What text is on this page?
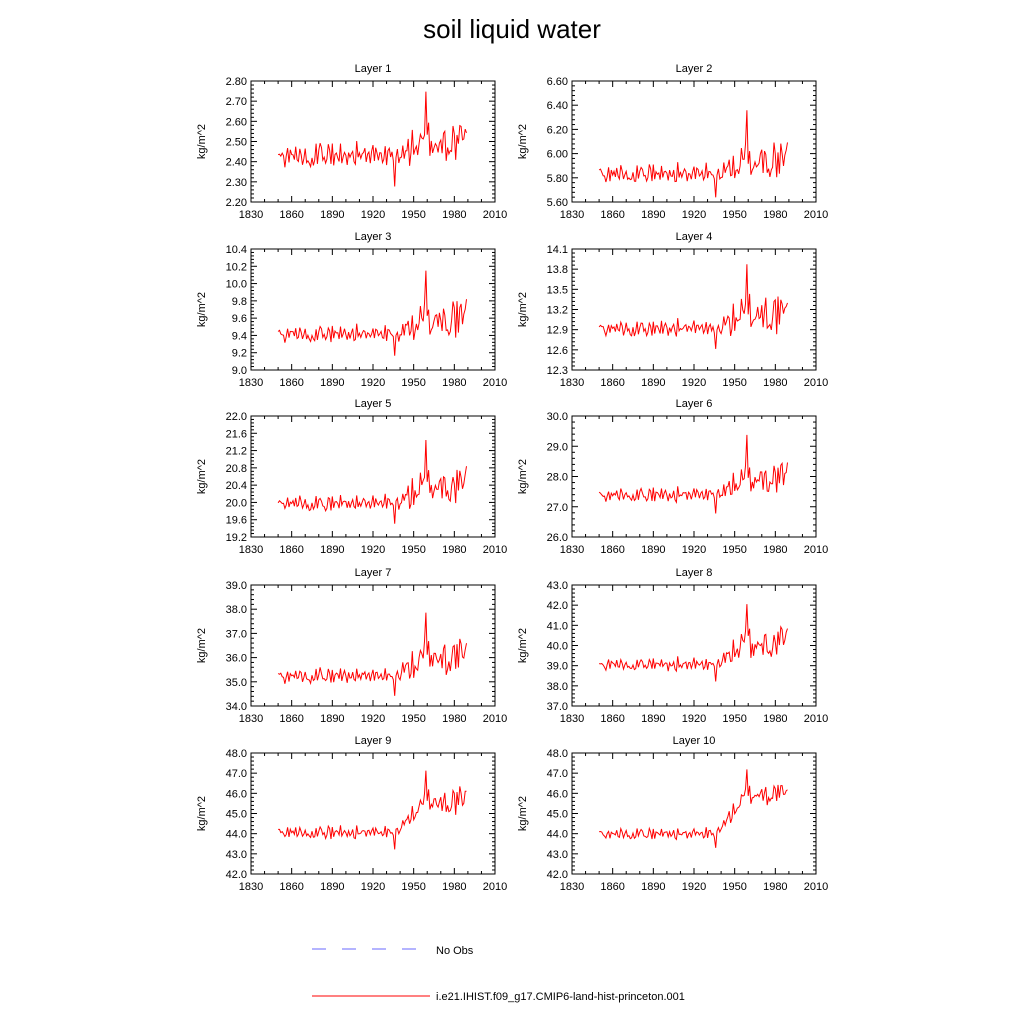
soil liquid water
Layer 1
kg/m^2
2.20
2.30
2.40
2.50
2.60
2.70
2.80
1830 1860 1890 1920 1950 1980 2010
Layer 2
kg/m^2
5.60
5.80
6.00
6.20
6.40
6.60
1830 1860 1890 1920 1950 1980 2010
Layer 3
kg/m^2
9.0
9.2
9.4
9.6
9.8
10.0
10.2
10.4
1830 1860 1890 1920 1950 1980 2010
Layer 4
kg/m^2
12.3
12.6
12.9
13.2
13.5
13.8
14.1
1830 1860 1890 1920 1950 1980 2010
Layer 5
kg/m^2
19.2
19.6
20.0
20.4
20.8
21.2
21.6
22.0
1830 1860 1890 1920 1950 1980 2010
Layer 6
kg/m^2
26.0
27.0
28.0
29.0
30.0
1830 1860 1890 1920 1950 1980 2010
Layer 7
kg/m^2
34.0
35.0
36.0
37.0
38.0
39.0
1830 1860 1890 1920 1950 1980 2010
Layer 8
kg/m^2
37.0
38.0
39.0
40.0
41.0
42.0
43.0
1830 1860 1890 1920 1950 1980 2010
Layer 9
kg/m^2
42.0
43.0
44.0
45.0
46.0
47.0
48.0
1830 1860 1890 1920 1950 1980 2010
Layer 10
kg/m^2
42.0
43.0
44.0
45.0
46.0
47.0
48.0
1830 1860 1890 1920 1950 1980 2010
No Obs
i.e21.IHIST.f09_g17.CMIP6-land-hist-princeton.001
